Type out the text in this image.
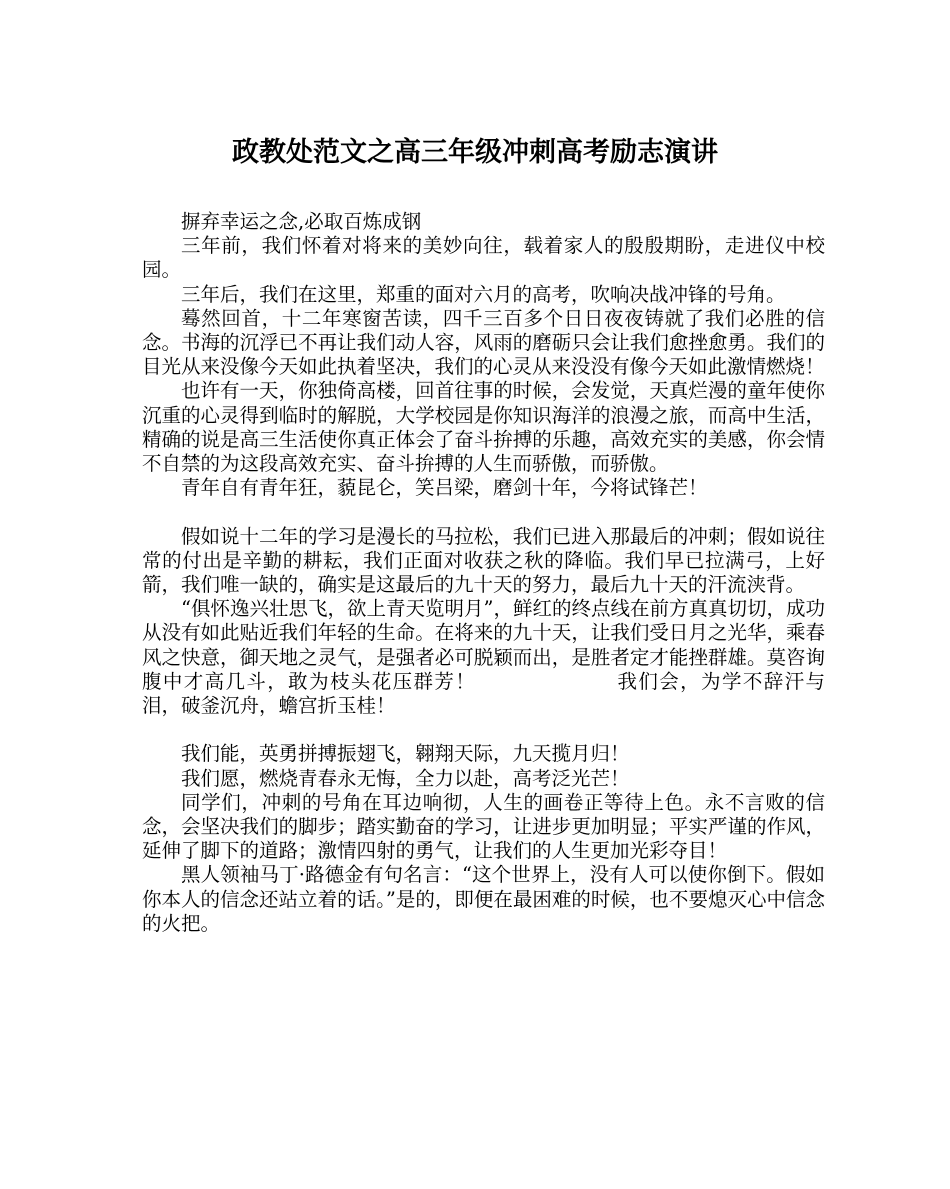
政教处范文之高三年级冲刺高考励志演讲

摒弃幸运之念,必取百炼成钢

三年前，我们怀着对将来的美妙向往，载着家人的殷殷期盼，走进仪中校园。

三年后，我们在这里，郑重的面对六月的高考，吹响决战冲锋的号角。

蓦然回首，十二年寒窗苦读，四千三百多个日日夜夜铸就了我们必胜的信念。书海的沉浮已不再让我们动人容，风雨的磨砺只会让我们愈挫愈勇。我们的目光从来没像今天如此执着坚决，我们的心灵从来没没有像今天如此激情燃烧！

也许有一天，你独倚高楼，回首往事的时候，会发觉，天真烂漫的童年使你沉重的心灵得到临时的解脱，大学校园是你知识海洋的浪漫之旅，而高中生活，精确的说是高三生活使你真正体会了奋斗拚搏的乐趣，高效充实的美感，你会情不自禁的为这段高效充实、奋斗拚搏的人生而骄傲，而骄傲。

青年自有青年狂，藐昆仑，笑吕梁，磨剑十年，今将试锋芒！

假如说十二年的学习是漫长的马拉松，我们已进入那最后的冲刺；假如说往常的付出是辛勤的耕耘，我们正面对收获之秋的降临。我们早已拉满弓，上好箭，我们唯一缺的，确实是这最后的九十天的努力，最后九十天的汗流浃背。

“俱怀逸兴壮思飞，欲上青天览明月”，鲜红的终点线在前方真真切切，成功从没有如此贴近我们年轻的生命。在将来的九十天，让我们受日月之光华，乘春风之快意，御天地之灵气，是强者必可脱颖而出，是胜者定才能挫群雄。莫咨询腹中才高几斗，敢为枝头花压群芳！	我们会，为学不辞汗与泪，破釜沉舟，蟾宫折玉桂！

我们能，英勇拼搏振翅飞，翱翔天际，九天揽月归！

我们愿，燃烧青春永无悔，全力以赴，高考泛光芒！

同学们，冲刺的号角在耳边响彻，人生的画卷正等待上色。永不言败的信念，会坚决我们的脚步；踏实勤奋的学习，让进步更加明显；平实严谨的作风，延伸了脚下的道路；激情四射的勇气，让我们的人生更加光彩夺目！

黑人领袖马丁·路德金有句名言：“这个世界上，没有人可以使你倒下。假如你本人的信念还站立着的话。”是的，即便在最困难的时候，也不要熄灭心中信念的火把。
